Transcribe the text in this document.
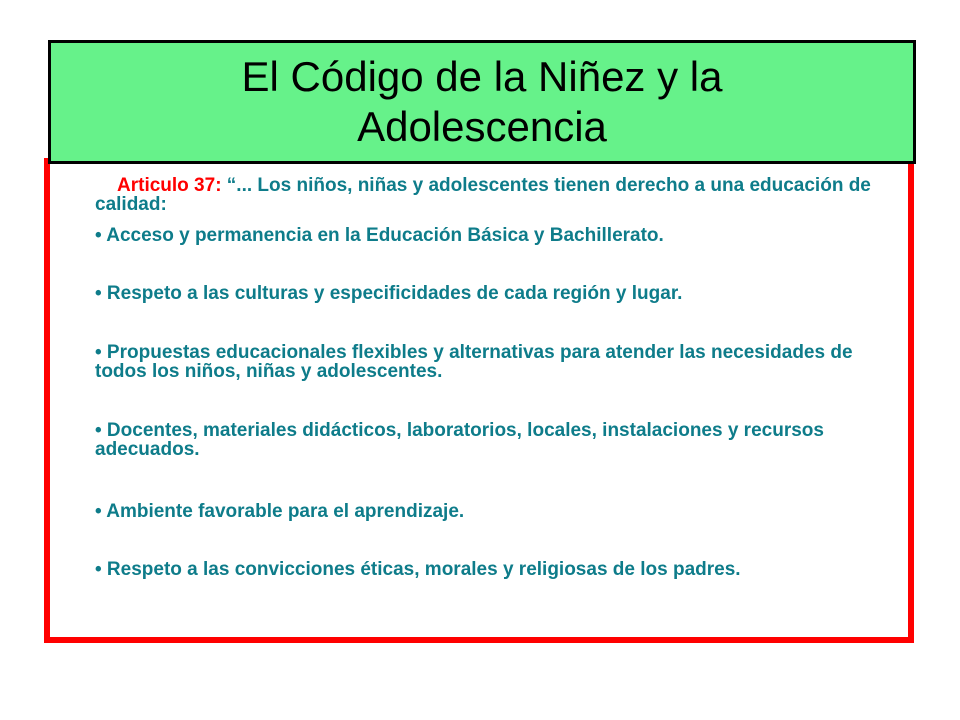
El Código de la Niñez y la Adolescencia

Articulo 37: “... Los niños, niñas y adolescentes tienen derecho a una educación de calidad:

• Acceso y permanencia en la Educación Básica y Bachillerato.

• Respeto a las culturas y especificidades de cada región y lugar.

• Propuestas educacionales flexibles y alternativas para atender las necesidades de todos los niños, niñas y adolescentes.

• Docentes, materiales didácticos, laboratorios, locales, instalaciones y recursos adecuados.

• Ambiente favorable para el aprendizaje.

• Respeto a las convicciones éticas, morales y religiosas de los padres.
